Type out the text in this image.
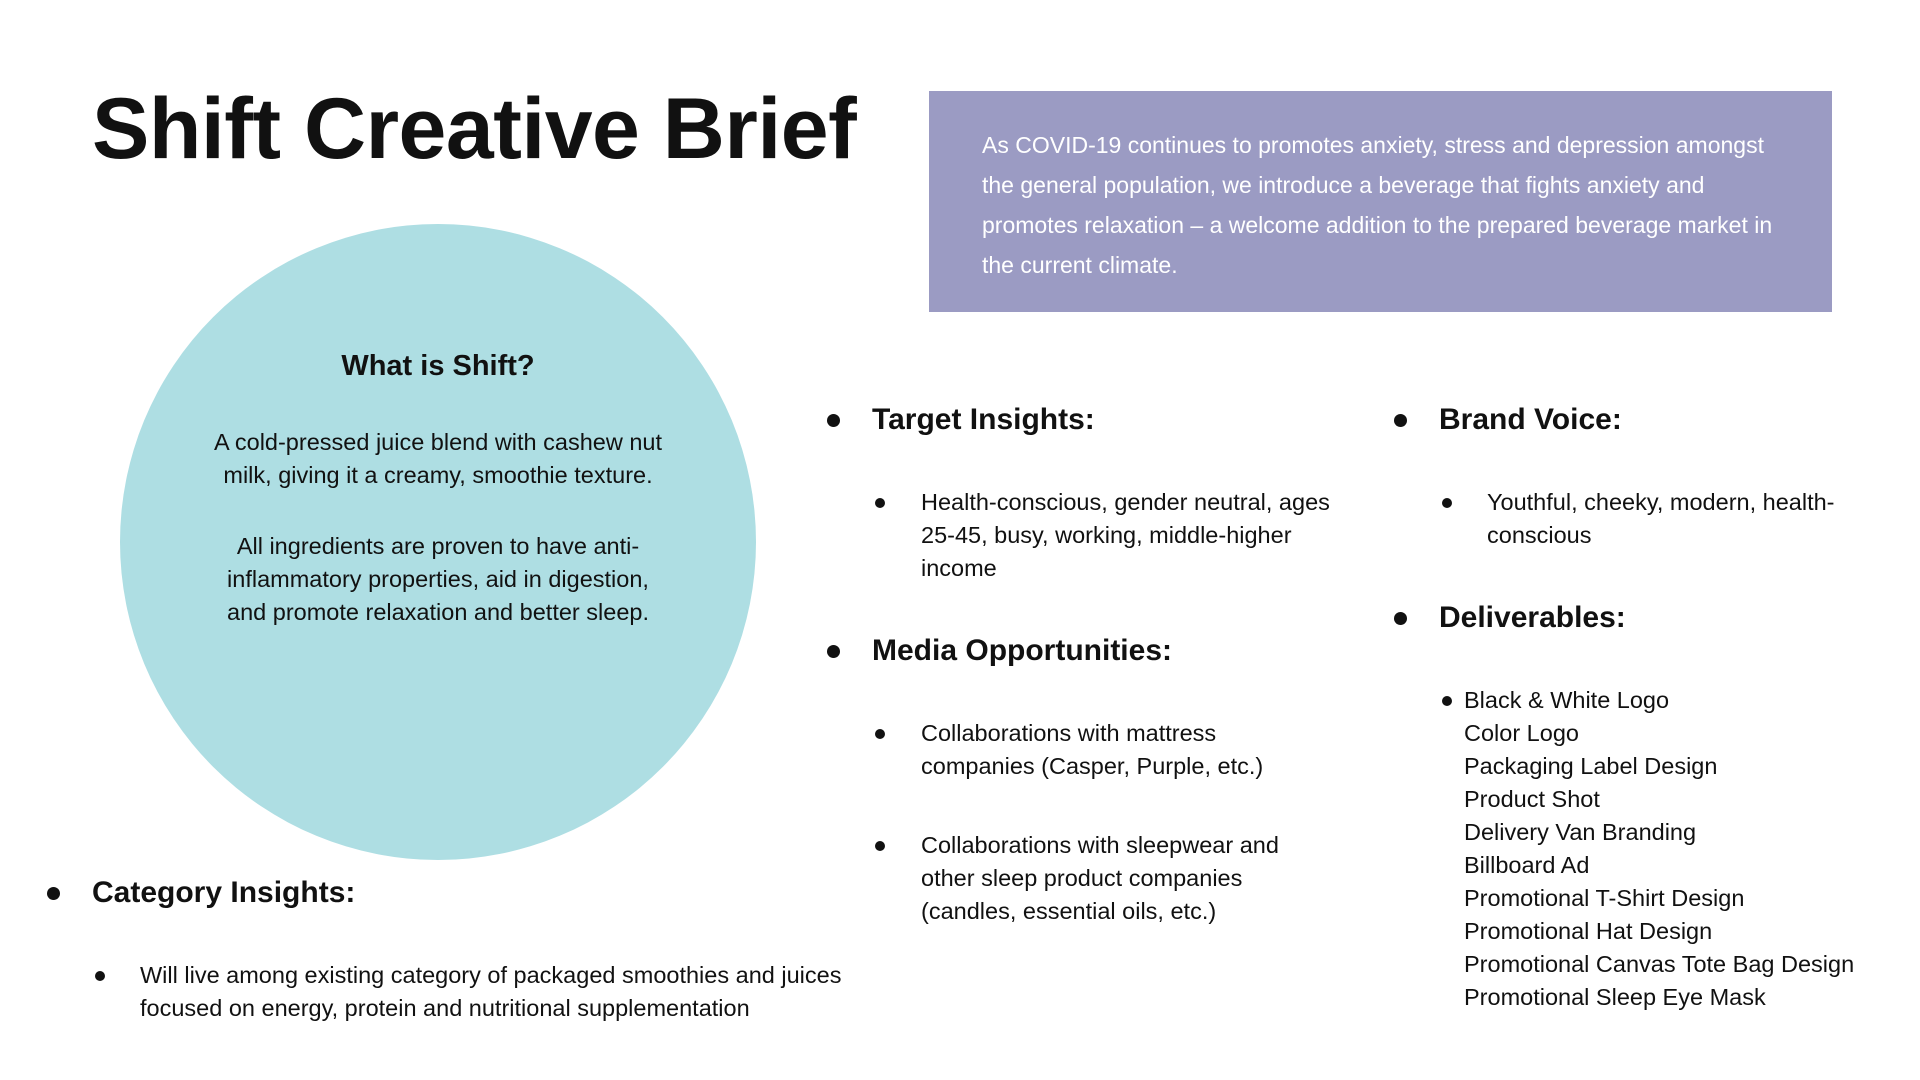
Shift Creative Brief	As COVID-19 continues to promotes anxiety, stress and depression amongst the general population, we introduce a beverage that fights anxiety and promotes relaxation – a welcome addition to the prepared beverage market in the current climate.
What is Shift?

A cold-pressed juice blend with cashew nut milk, giving it a creamy, smoothie texture.

All ingredients are proven to have anti-inflammatory properties, aid in digestion, and promote relaxation and better sleep.

Target Insights:
Health-conscious, gender neutral, ages 25-45, busy, working, middle-higher income
Media Opportunities:
Collaborations with mattress companies (Casper, Purple, etc.)
Collaborations with sleepwear and other sleep product companies (candles, essential oils, etc.)
Brand Voice:
Youthful, cheeky, modern, health-conscious
Deliverables:
Black & White Logo
Color Logo
Packaging Label Design
Product Shot
Delivery Van Branding
Billboard Ad
Promotional T-Shirt Design
Promotional Hat Design
Promotional Canvas Tote Bag Design
Promotional Sleep Eye Mask
Category Insights:
Will live among existing category of packaged smoothies and juices focused on energy, protein and nutritional supplementation
